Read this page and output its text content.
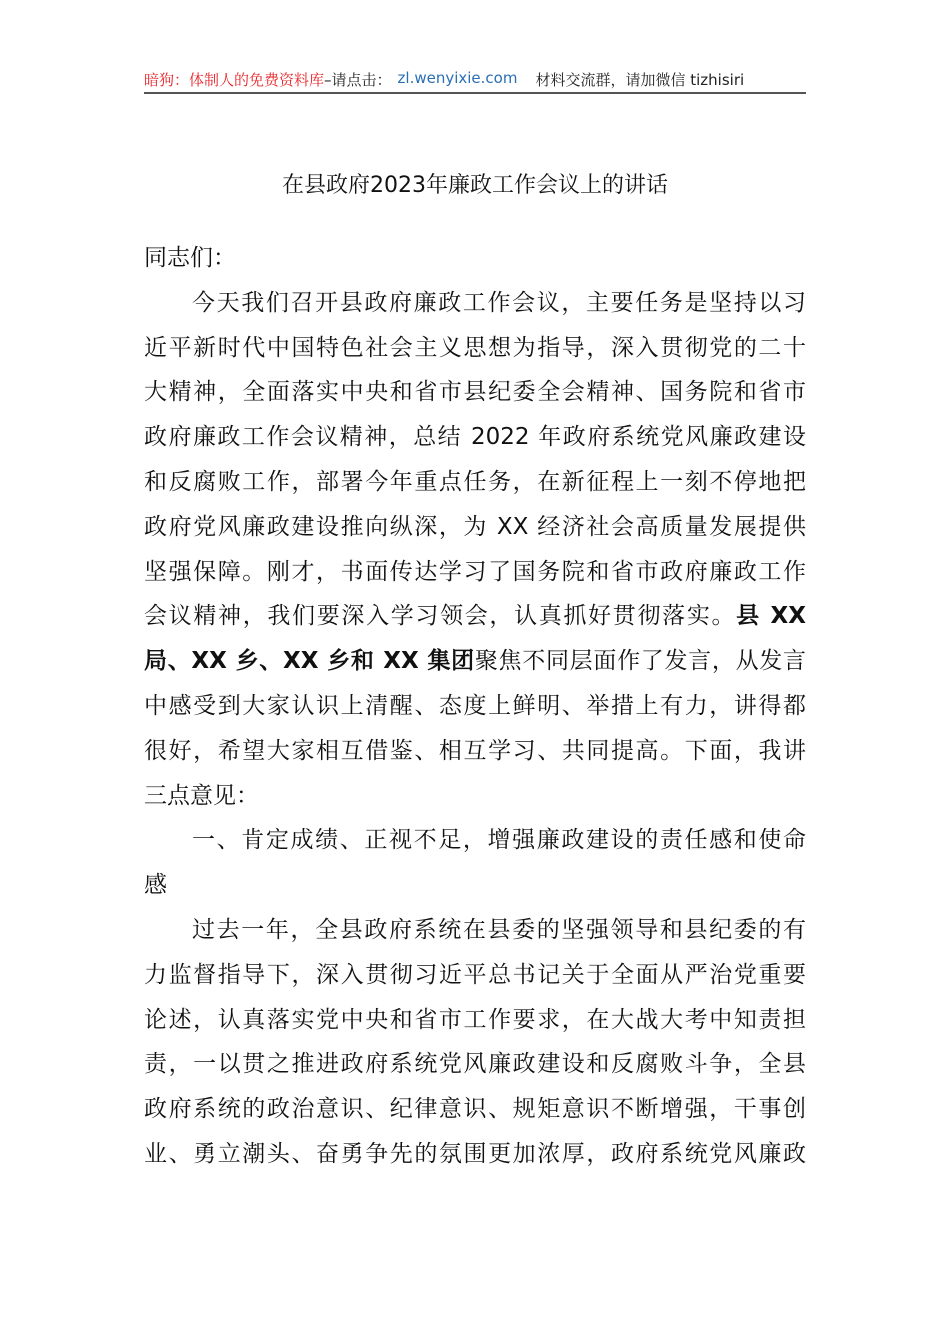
暗狗：体制人的免费资料库 –请点击： zl.wenyixie.com 材料交流群，请加微信 tizhisiri
在县政府2023年廉政工作会议上的讲话
同志们：
今天我们召开县政府廉政工作会议，主要任务是坚持以习
近平新时代中国特色社会主义思想为指导，深入贯彻党的二十
大精神，全面落实中央和省市县纪委全会精神、国务院和省市
政府廉政工作会议精神，总结 2022 年政府系统党风廉政建设
和反腐败工作，部署今年重点任务，在新征程上一刻不停地把
政府党风廉政建设推向纵深，为 XX 经济社会高质量发展提供
坚强保障。刚才，书面传达学习了国务院和省市政府廉政工作
会议精神，我们要深入学习领会，认真抓好贯彻落实。县 XX
局、XX 乡、XX 乡和 XX 集团聚焦不同层面作了发言，从发言
中感受到大家认识上清醒、态度上鲜明、举措上有力，讲得都
很好，希望大家相互借鉴、相互学习、共同提高。下面，我讲
三点意见：
一、肯定成绩、正视不足，增强廉政建设的责任感和使命
感
过去一年，全县政府系统在县委的坚强领导和县纪委的有
力监督指导下，深入贯彻习近平总书记关于全面从严治党重要
论述，认真落实党中央和省市工作要求，在大战大考中知责担
责，一以贯之推进政府系统党风廉政建设和反腐败斗争，全县
政府系统的政治意识、纪律意识、规矩意识不断增强，干事创
业、勇立潮头、奋勇争先的氛围更加浓厚，政府系统党风廉政
